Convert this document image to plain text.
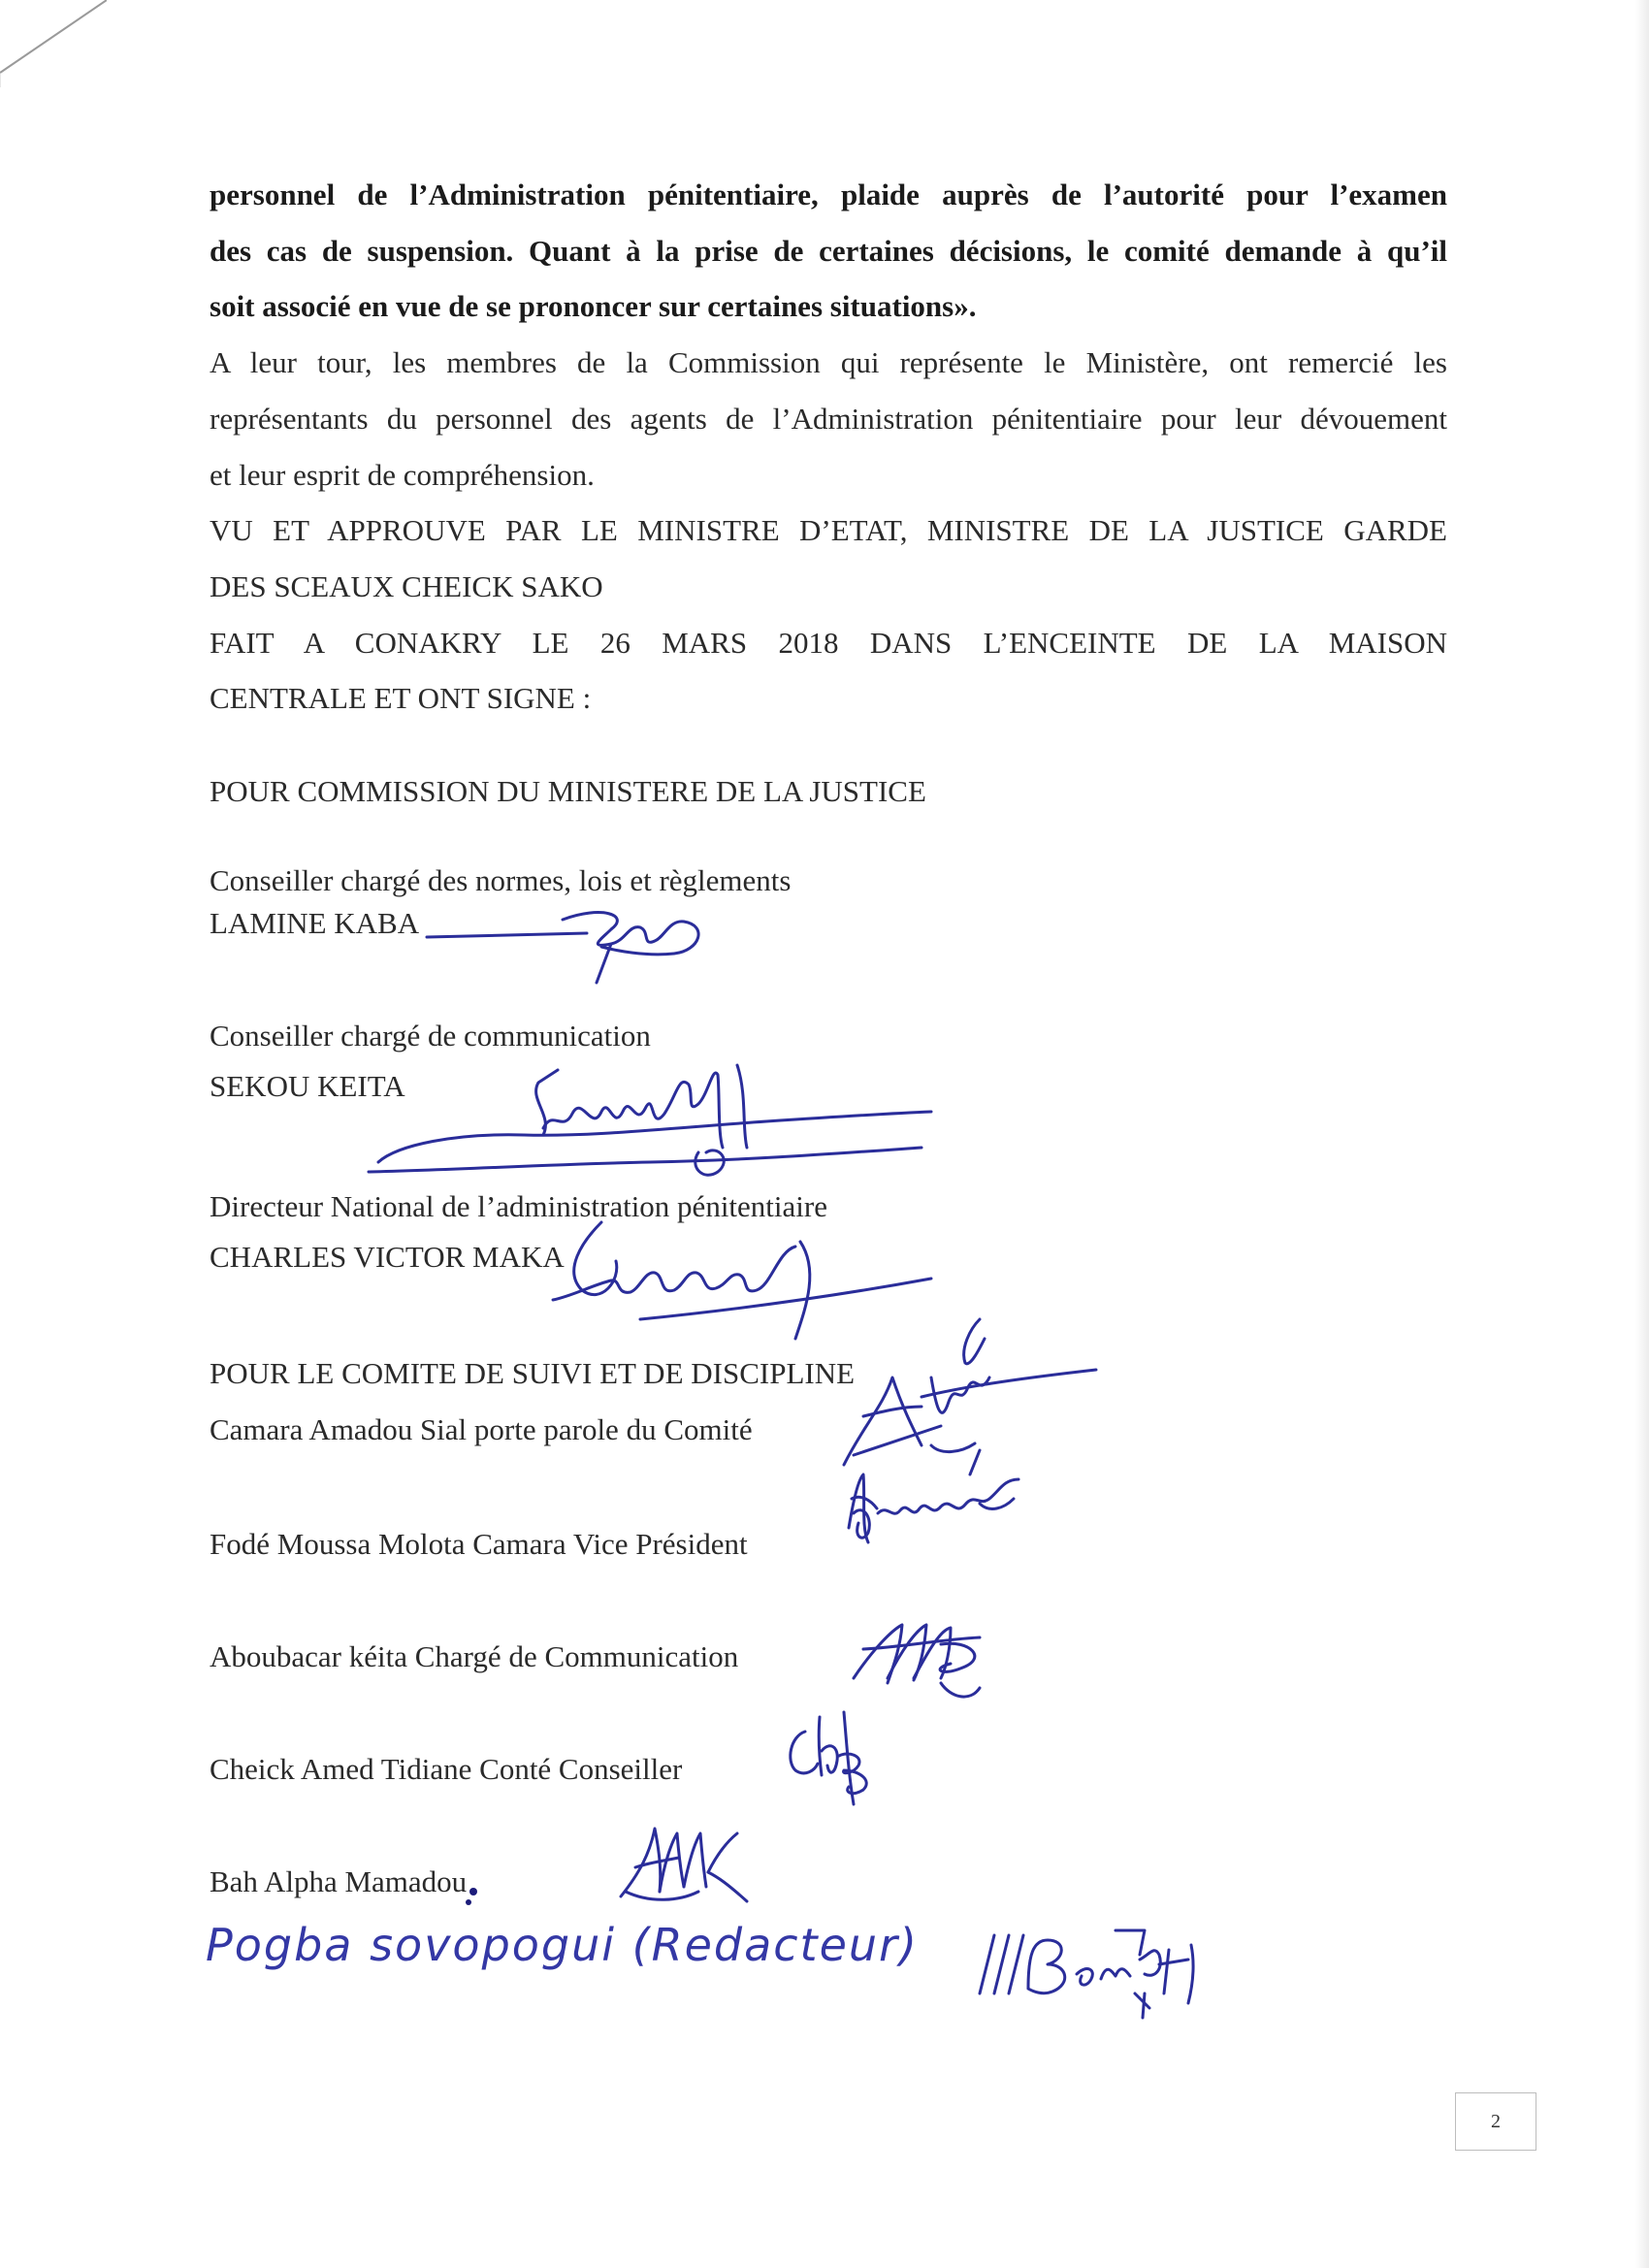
personnel de l’Administration pénitentiaire, plaide auprès de l’autorité pour l’examen

des cas de suspension. Quant à la prise de certaines décisions, le comité demande à qu’il

soit associé en vue de se prononcer sur certaines situations».

A leur tour, les membres de la Commission qui représente le Ministère, ont remercié les

représentants du personnel des agents de l’Administration pénitentiaire pour leur dévouement

et leur esprit de compréhension.

VU ET APPROUVE PAR LE MINISTRE D’ETAT, MINISTRE DE LA JUSTICE GARDE

DES SCEAUX CHEICK SAKO

FAIT A CONAKRY LE 26 MARS 2018 DANS L’ENCEINTE DE LA MAISON

CENTRALE ET ONT SIGNE :

POUR COMMISSION DU MINISTERE DE LA JUSTICE
Conseiller chargé des normes, lois et règlements
LAMINE KABA
Conseiller chargé de communication
SEKOU KEITA
Directeur National de l’administration pénitentiaire
CHARLES VICTOR MAKA
POUR LE COMITE DE SUIVI ET DE DISCIPLINE
Camara Amadou Sial porte parole du Comité
Fodé Moussa Molota Camara Vice Président
Aboubacar kéita Chargé de Communication
Cheick Amed Tidiane Conté Conseiller
Bah Alpha Mamadou
Pogba sovopogui (Redacteur)
2
